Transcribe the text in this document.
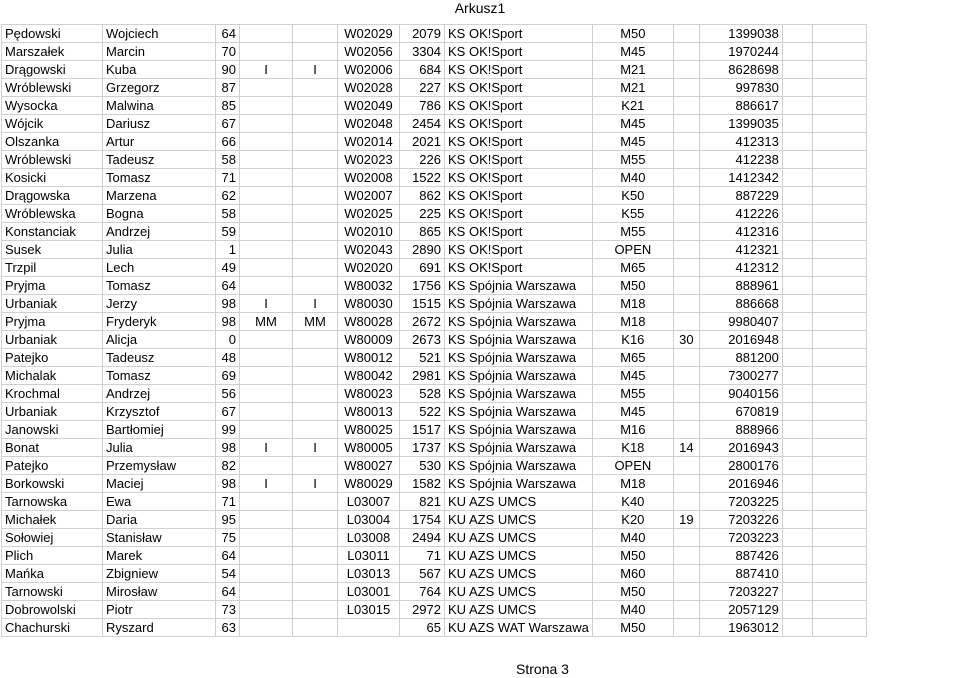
Arkusz1
Pędowski	Wojciech	64			W02029	2079	KS OK!Sport	M50		1399038		
Marszałek	Marcin	70			W02056	3304	KS OK!Sport	M45		1970244		
Drągowski	Kuba	90	I	I	W02006	684	KS OK!Sport	M21		8628698		
Wróblewski	Grzegorz	87			W02028	227	KS OK!Sport	M21		997830		
Wysocka	Malwina	85			W02049	786	KS OK!Sport	K21		886617		
Wójcik	Dariusz	67			W02048	2454	KS OK!Sport	M45		1399035		
Olszanka	Artur	66			W02014	2021	KS OK!Sport	M45		412313		
Wróblewski	Tadeusz	58			W02023	226	KS OK!Sport	M55		412238		
Kosicki	Tomasz	71			W02008	1522	KS OK!Sport	M40		1412342		
Drągowska	Marzena	62			W02007	862	KS OK!Sport	K50		887229		
Wróblewska	Bogna	58			W02025	225	KS OK!Sport	K55		412226		
Konstanciak	Andrzej	59			W02010	865	KS OK!Sport	M55		412316		
Susek	Julia	1			W02043	2890	KS OK!Sport	OPEN		412321		
Trzpil	Lech	49			W02020	691	KS OK!Sport	M65		412312		
Pryjma	Tomasz	64			W80032	1756	KS Spójnia Warszawa	M50		888961		
Urbaniak	Jerzy	98	I	I	W80030	1515	KS Spójnia Warszawa	M18		886668		
Pryjma	Fryderyk	98	MM	MM	W80028	2672	KS Spójnia Warszawa	M18		9980407		
Urbaniak	Alicja	0			W80009	2673	KS Spójnia Warszawa	K16	30	2016948		
Patejko	Tadeusz	48			W80012	521	KS Spójnia Warszawa	M65		881200		
Michalak	Tomasz	69			W80042	2981	KS Spójnia Warszawa	M45		7300277		
Krochmal	Andrzej	56			W80023	528	KS Spójnia Warszawa	M55		9040156		
Urbaniak	Krzysztof	67			W80013	522	KS Spójnia Warszawa	M45		670819		
Janowski	Bartłomiej	99			W80025	1517	KS Spójnia Warszawa	M16		888966		
Bonat	Julia	98	I	I	W80005	1737	KS Spójnia Warszawa	K18	14	2016943		
Patejko	Przemysław	82			W80027	530	KS Spójnia Warszawa	OPEN		2800176		
Borkowski	Maciej	98	I	I	W80029	1582	KS Spójnia Warszawa	M18		2016946		
Tarnowska	Ewa	71			L03007	821	KU AZS UMCS	K40		7203225		
Michałek	Daria	95			L03004	1754	KU AZS UMCS	K20	19	7203226		
Sołowiej	Stanisław	75			L03008	2494	KU AZS UMCS	M40		7203223		
Plich	Marek	64			L03011	71	KU AZS UMCS	M50		887426		
Mańka	Zbigniew	54			L03013	567	KU AZS UMCS	M60		887410		
Tarnowski	Mirosław	64			L03001	764	KU AZS UMCS	M50		7203227		
Dobrowolski	Piotr	73			L03015	2972	KU AZS UMCS	M40		2057129		
Chachurski	Ryszard	63				65	KU AZS WAT Warszawa	M50		1963012		
Strona 3
